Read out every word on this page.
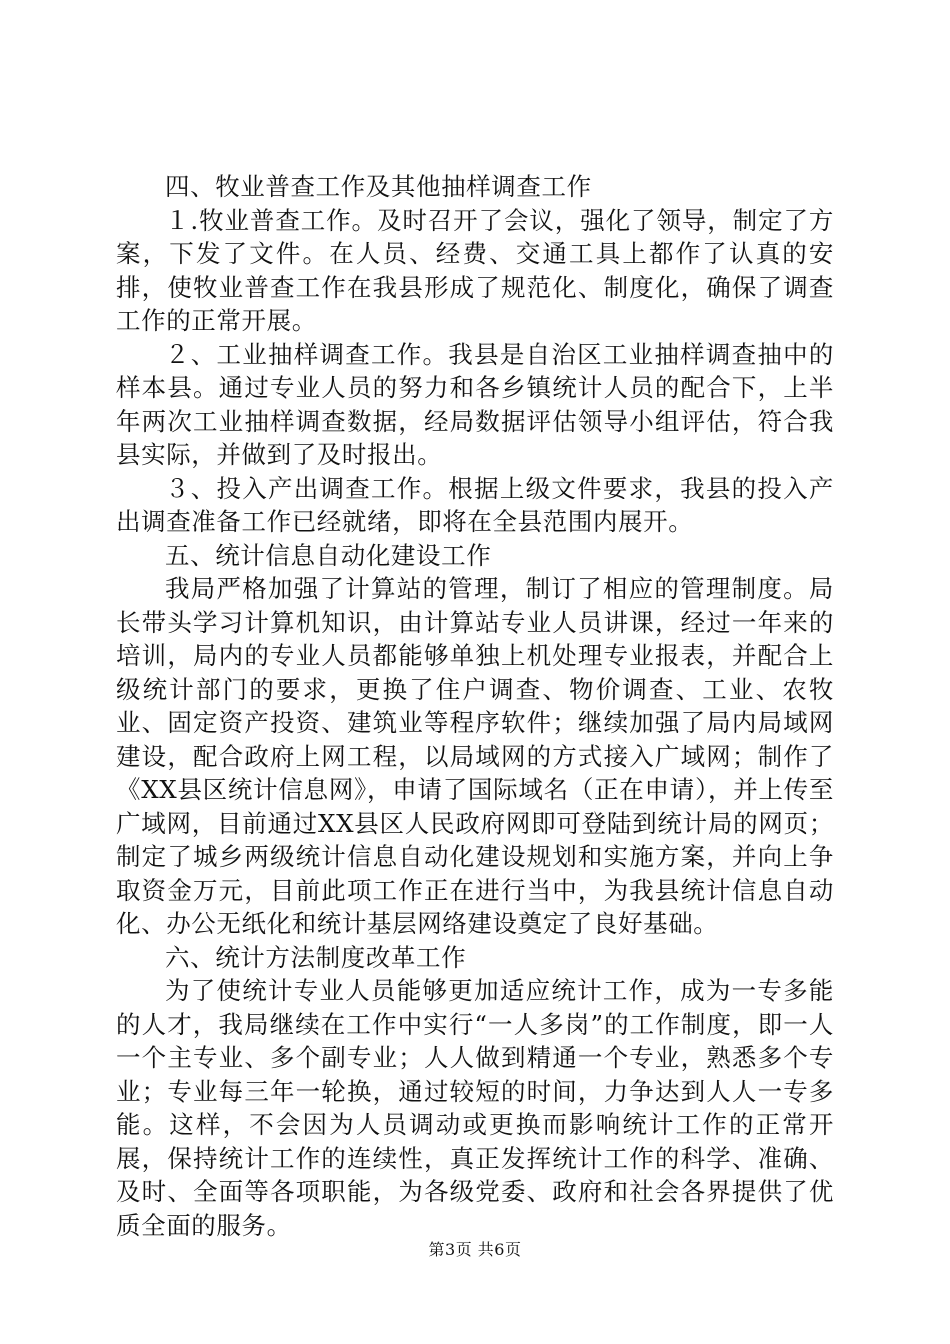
四、牧业普查工作及其他抽样调查工作

１.牧业普查工作。及时召开了会议，强化了领导，制定了方案，下发了文件。在人员、经费、交通工具上都作了认真的安排，使牧业普查工作在我县形成了规范化、制度化，确保了调查工作的正常开展。

２、工业抽样调查工作。我县是自治区工业抽样调查抽中的样本县。通过专业人员的努力和各乡镇统计人员的配合下，上半年两次工业抽样调查数据，经局数据评估领导小组评估，符合我县实际，并做到了及时报出。

３、投入产出调查工作。根据上级文件要求，我县的投入产出调查准备工作已经就绪，即将在全县范围内展开。

五、统计信息自动化建设工作

我局严格加强了计算站的管理，制订了相应的管理制度。局长带头学习计算机知识，由计算站专业人员讲课，经过一年来的培训，局内的专业人员都能够单独上机处理专业报表，并配合上级统计部门的要求，更换了住户调查、物价调查、工业、农牧业、固定资产投资、建筑业等程序软件；继续加强了局内局域网建设，配合政府上网工程，以局域网的方式接入广域网；制作了《XX县区统计信息网》，申请了国际域名（正在申请），并上传至广域网，目前通过XX县区人民政府网即可登陆到统计局的网页；制定了城乡两级统计信息自动化建设规划和实施方案，并向上争取资金万元，目前此项工作正在进行当中，为我县统计信息自动化、办公无纸化和统计基层网络建设奠定了良好基础。

六、统计方法制度改革工作

为了使统计专业人员能够更加适应统计工作，成为一专多能的人才，我局继续在工作中实行“一人多岗”的工作制度，即一人一个主专业、多个副专业；人人做到精通一个专业，熟悉多个专业；专业每三年一轮换，通过较短的时间，力争达到人人一专多能。这样，不会因为人员调动或更换而影响统计工作的正常开展，保持统计工作的连续性，真正发挥统计工作的科学、准确、及时、全面等各项职能，为各级党委、政府和社会各界提供了优质全面的服务。

第3页 共6页
